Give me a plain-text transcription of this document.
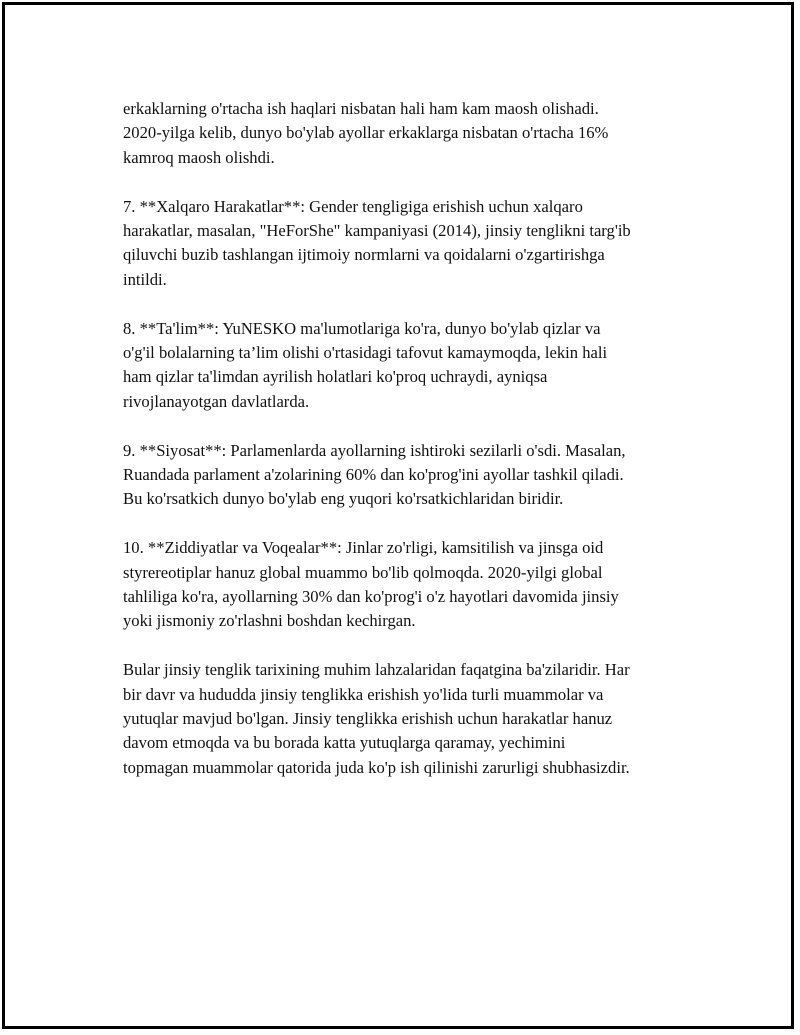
erkaklarning o'rtacha ish haqlari nisbatan hali ham kam maosh olishadi.
2020-yilga kelib, dunyo bo'ylab ayollar erkaklarga nisbatan o'rtacha 16%
kamroq maosh olishdi.

7. **Xalqaro Harakatlar**: Gender tengligiga erishish uchun xalqaro
harakatlar, masalan, "HeForShe" kampaniyasi (2014), jinsiy tenglikni targ'ib
qiluvchi buzib tashlangan ijtimoiy normlarni va qoidalarni o'zgartirishga
intildi.

8. **Ta'lim**: YuNESKO ma'lumotlariga ko'ra, dunyo bo'ylab qizlar va
o'g'il bolalarning ta’lim olishi o'rtasidagi tafovut kamaymoqda, lekin hali
ham qizlar ta'limdan ayrilish holatlari ko'proq uchraydi, ayniqsa
rivojlanayotgan davlatlarda.

9. **Siyosat**: Parlamenlarda ayollarning ishtiroki sezilarli o'sdi. Masalan,
Ruandada parlament a'zolarining 60% dan ko'prog'ini ayollar tashkil qiladi.
Bu ko'rsatkich dunyo bo'ylab eng yuqori ko'rsatkichlaridan biridir.

10. **Ziddiyatlar va Voqealar**: Jinlar zo'rligi, kamsitilish va jinsga oid
styrereotiplar hanuz global muammo bo'lib qolmoqda. 2020-yilgi global
tahliliga ko'ra, ayollarning 30% dan ko'prog'i o'z hayotlari davomida jinsiy
yoki jismoniy zo'rlashni boshdan kechirgan.

Bular jinsiy tenglik tarixining muhim lahzalaridan faqatgina ba'zilaridir. Har
bir davr va hududda jinsiy tenglikka erishish yo'lida turli muammolar va
yutuqlar mavjud bo'lgan. Jinsiy tenglikka erishish uchun harakatlar hanuz
davom etmoqda va bu borada katta yutuqlarga qaramay, yechimini
topmagan muammolar qatorida juda ko'p ish qilinishi zarurligi shubhasizdir.
